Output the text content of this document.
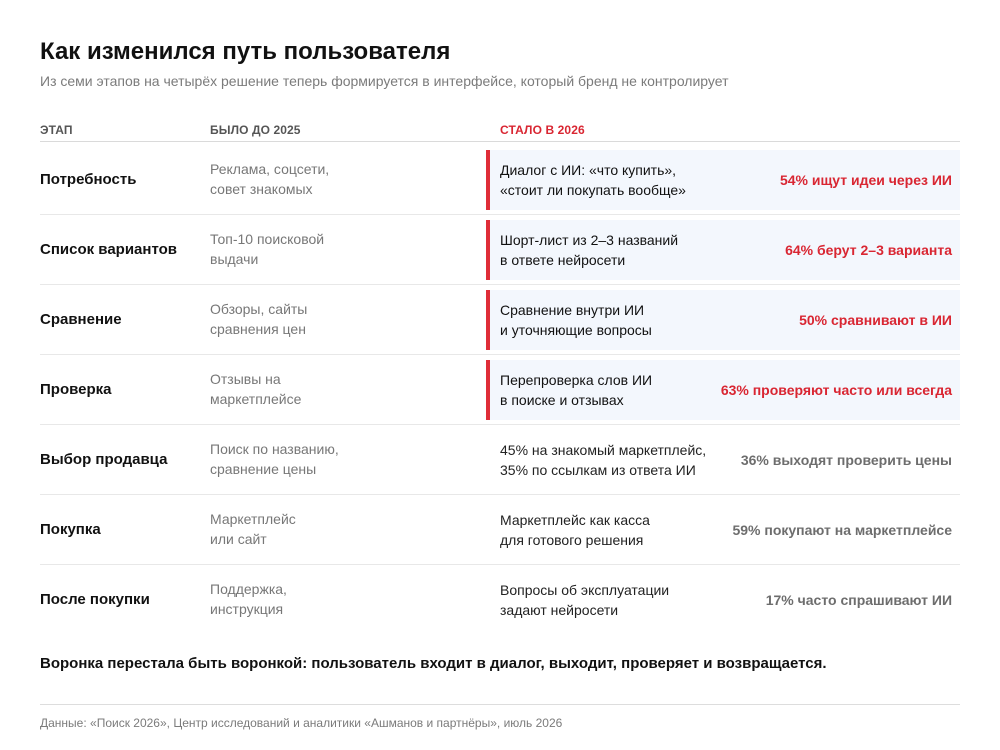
Как изменился путь пользователя

Из семи этапов на четырёх решение теперь формируется в интерфейсе, который бренд не контролирует

ЭТАП	БЫЛО ДО 2025	СТАЛО В 2026
Потребность
Реклама, соцсети,
совет знакомых
Диалог с ИИ: «что купить»,
«стоит ли покупать вообще»
54% ищут идеи через ИИ
Список вариантов
Топ-10 поисковой
выдачи
Шорт-лист из 2–3 названий
в ответе нейросети
64% берут 2–3 варианта
Сравнение
Обзоры, сайты
сравнения цен
Сравнение внутри ИИ
и уточняющие вопросы
50% сравнивают в ИИ
Проверка
Отзывы на
маркетплейсе
Перепроверка слов ИИ
в поиске и отзывах
63% проверяют часто или всегда
Выбор продавца
Поиск по названию,
сравнение цены
45% на знакомый маркетплейс,
35% по ссылкам из ответа ИИ
36% выходят проверить цены
Покупка
Маркетплейс
или сайт
Маркетплейс как касса
для готового решения
59% покупают на маркетплейсе
После покупки
Поддержка,
инструкция
Вопросы об эксплуатации
задают нейросети
17% часто спрашивают ИИ

Воронка перестала быть воронкой: пользователь входит в диалог, выходит, проверяет и возвращается.

Данные: «Поиск 2026», Центр исследований и аналитики «Ашманов и партнёры», июль 2026
